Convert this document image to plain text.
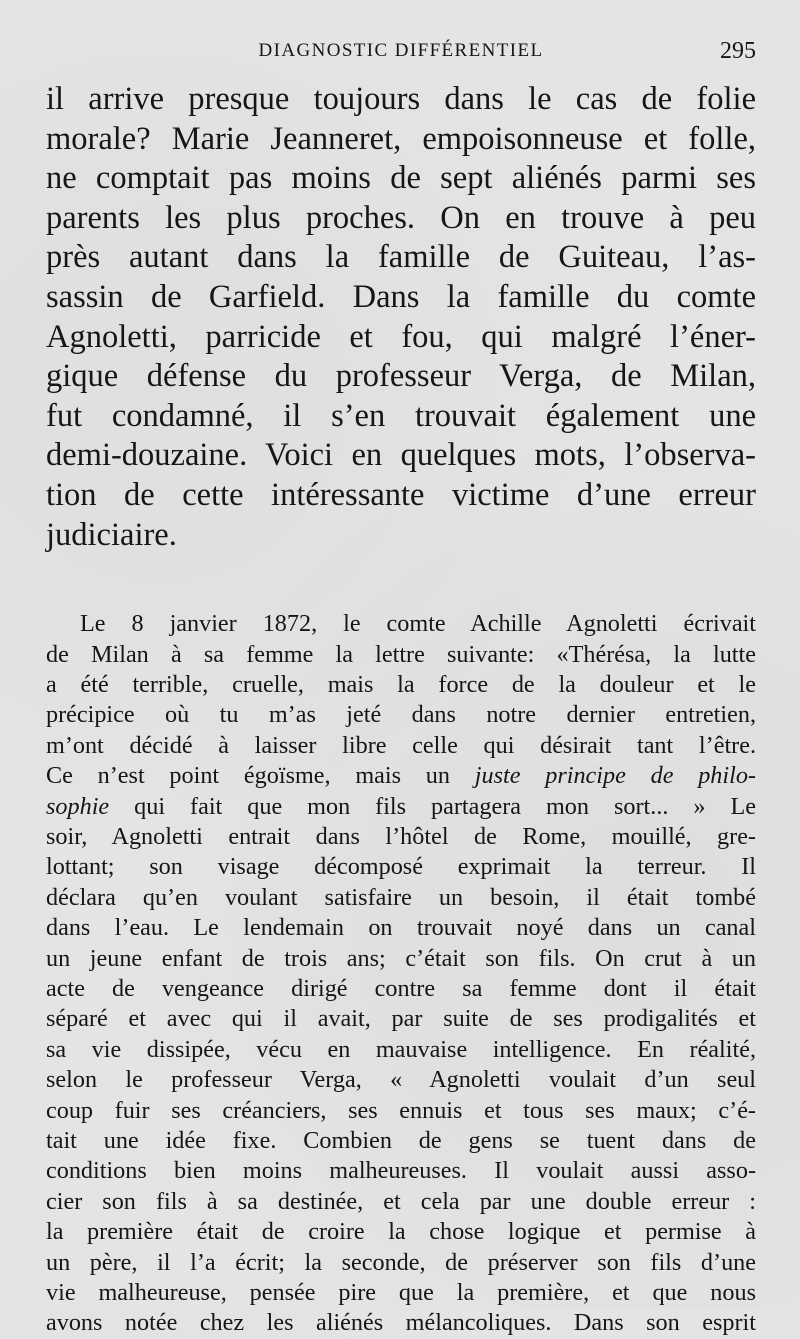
DIAGNOSTIC DIFFÉRENTIEL	295

il arrive presque toujours dans le cas de folie
morale? Marie Jeanneret, empoisonneuse et folle,
ne comptait pas moins de sept aliénés parmi ses
parents les plus proches. On en trouve à peu
près autant dans la famille de Guiteau, l’as-
sassin de Garfield. Dans la famille du comte
Agnoletti, parricide et fou, qui malgré l’éner-
gique défense du professeur Verga, de Milan,
fut condamné, il s’en trouvait également une
demi-douzaine. Voici en quelques mots, l’observa-
tion de cette intéressante victime d’une erreur
judiciaire.

Le 8 janvier 1872, le comte Achille Agnoletti écrivait
de Milan à sa femme la lettre suivante: «Thérésa, la lutte
a été terrible, cruelle, mais la force de la douleur et le
précipice où tu m’as jeté dans notre dernier entretien,
m’ont décidé à laisser libre celle qui désirait tant l’être.
Ce n’est point égoïsme, mais un juste principe de philo-
sophie qui fait que mon fils partagera mon sort... » Le
soir, Agnoletti entrait dans l’hôtel de Rome, mouillé, gre-
lottant; son visage décomposé exprimait la terreur. Il
déclara qu’en voulant satisfaire un besoin, il était tombé
dans l’eau. Le lendemain on trouvait noyé dans un canal
un jeune enfant de trois ans; c’était son fils. On crut à un
acte de vengeance dirigé contre sa femme dont il était
séparé et avec qui il avait, par suite de ses prodigalités et
sa vie dissipée, vécu en mauvaise intelligence. En réalité,
selon le professeur Verga, « Agnoletti voulait d’un seul
coup fuir ses créanciers, ses ennuis et tous ses maux; c’é-
tait une idée fixe. Combien de gens se tuent dans de
conditions bien moins malheureuses. Il voulait aussi asso-
cier son fils à sa destinée, et cela par une double erreur :
la première était de croire la chose logique et permise à
un père, il l’a écrit; la seconde, de préserver son fils d’une
vie malheureuse, pensée pire que la première, et que nous
avons notée chez les aliénés mélancoliques. Dans son esprit
